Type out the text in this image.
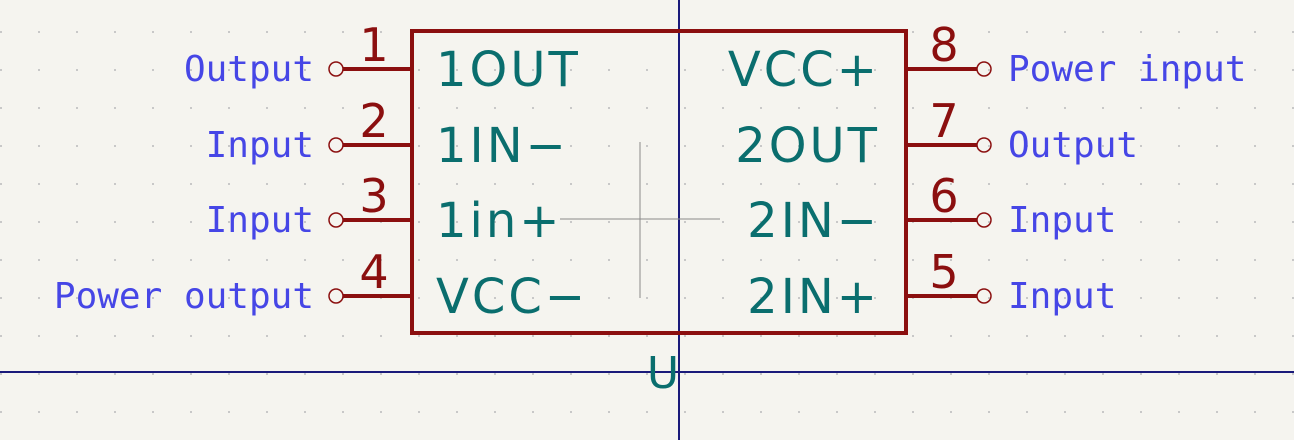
1 1OUT
Output
2 1IN−
Input
3 1in+
Input
4 VCC−
Power output
8
VCC+	Power input
7
2OUT	Output
6
2IN−	Input
5
2IN+	Input
U
